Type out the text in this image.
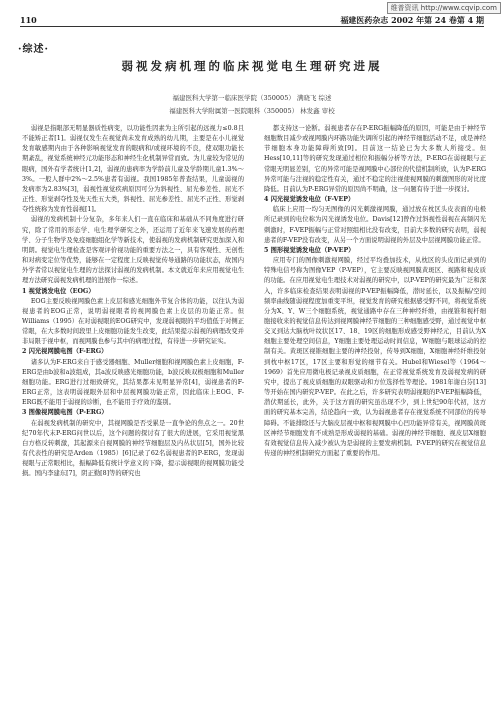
维普资讯 http://www.cqvip.com
110	福建医药杂志 2002 年第 24 卷第 4 期
·综述·
弱视发病机理的临床视觉电生理研究进展
福建医科大学第一临床医学院（350005） 满晓飞 综述
福建医科大学附属第一医院眼科（350005） 林发鑫 审校

弱视是指眼部无明显器质性病变，以功能性因素为主所引起的远视力≤0.8且不能矫正者[1]。弱视仅发生在视觉尚未发育成熟的幼儿期，主要是在小儿视觉发育敏感期内由于各种影响视觉发育的眼病和/或视环境的不良，使双眼功能长期紊乱，视觉系统神经元功能形态和神经生化机制异常而致。为儿童较为常见的眼病，国外有学者统计[1,2]，弱视的患病率为学龄前儿童及学龄期儿童1.3%～3%。一般人群中2%～2.5%患者有弱视。我国1985年普查结果，儿童弱视的发病率为2.83%[3]，弱视性视觉疾病原因可分为斜视性、屈光参差性、屈光不正性、形觉剥夺性及先天性五大类，斜视性、屈光参差性、屈光不正性、形觉剥夺性统称为发育性弱视[1]。

弱视的发病机制十分复杂，多年来人们一直在临床和基础从不同角度进行研究，除了常用的形态学、电生理学研究之外，还运用了近年来飞速发展的药理学、分子生物学及免疫细胞组化学等新技术，使弱视的发病机制研究更加深入和明朗。视觉电生理检查是客观评价视功能的重要方法之一，具有客观性、无创性和对病变定位等优势，能够在一定程度上反映视觉传导通路的功能状态，故国内外学者常以视觉电生理的方法探讨弱视的发病机制。本文就近年来应用视觉电生理方法研究弱视发病机理的进展作一综述。

1 视觉诱发电位（EOG）

EOG主要反映视网膜色素上皮层和感光细胞外节复合体的功能，以往认为弱视患者的EOG正常，说明弱视眼者的视网膜色素上皮层的功能正常。但Williams（1995）在对弱视眼的EOG研究中，发现弱视眼的平均值低于对侧正常眼，在大多数时间段里上皮细胞功能发生改变，此结果提示弱视的病理改变并非局限于视中枢，而视网膜也参与其中的病理过程，有待进一步研究证实。

2 闪光视网膜电图（F-ERG）

诸多认为F-ERG来自于感受器细胞、Muller细胞和视网膜色素上皮细胞，F-ERG是由b波和a波组成，其a波反映感光细胞功能，b波反映双极细胞和Muller细胞功能。ERG进行过细致研究，其结果都未见明显异常[4]，弱视患者的F-ERG正常，这表明弱视眼外层和中层视网膜功能正常，因此临床上EOG、F-ERG既不能用于弱视的诊断，也不能用于疗效的鉴别。

3 图像视网膜电图（P-ERG）

在弱视发病机制的研究中，其视网膜是否受累是一直争论的焦点之一。20世纪70年代末P-ERG问世以后，这个问题的探讨有了很大的进展，它采用视觉黑白方格反转刺激，其起源来自视网膜的神经节细胞层及内丛状层[5]，国外比较有代表性的研究是Arden（1985）[6]记录了62名弱视患者的P-ERG，发现弱视眼与正常眼相比，振幅降低有统计学意义的下降，提示弱视眼的视网膜功能受损。国内李建东[7]，阴正勤[8]等的研究也

都支持这一论断。弱视患者存在P-ERG振幅降低的原因，可能是由于神经节细胞数目减少或视网膜内环路功能失调所引起的神经节细胞活动不足，或是神经节细胞本身功能障碍所致[9]。目前这一结论已为大多数人所接受。但Hess[10,11]等的研究发现通过相位和振幅分析等方法，P-ERG在弱视眼与正常眼无明显差别，它的异常可能是视网膜中心部位的代偿机制所致，认为P-ERG异常可能与注视的稳定性有关，通过不稳定的注视使视网膜的刺激图形的对比度降低。目前认为P-ERG异常的原因尚不明确，这一问题有待于进一步探讨。

4 闪光视觉诱发电位（F-VEP）

临床上应用一均匀无图像的闪光刺激视网膜，通过放在枕区头皮表面的电极所记录到的电位称为闪光视诱发电位。Davis[12]曾作过斜视性弱视在高频闪光刺激时，F-VEP振幅与正常对照组相比没有改变，目前大多数的研究表明，弱视患者的F-VEP没有改变，从另一个方面说明弱视的外层及中层视网膜功能正常。

5 图形视觉诱发电位（P-VEP）

应用专门的图像刺激视网膜，经过平均叠加技术，从枕区的头皮面记录到的特殊电信号称为图像VEP（P-VEP），它主要反映视网膜黄斑区、视路和视皮质的功能。在应用视觉电生理技术对弱视的研究中，以P-VEP的研究最为广泛和深入，许多临床检查结果表明弱视的P-VEP振幅降低，潜时延长，以及振幅/空间频率曲线随弱视程度加重变平坦，视觉发育的研究根据感受野不同，将视觉系统分为X、Y、W三个细胞系统，视觉通路中存在三种神经纤维，由视锥和视杆细胞接收来的视觉信息传达到视网膜神经节细胞的三种细胞感受野，通过视觉中枢交叉到达大脑枕叶纹状区17、18、19区的细胞形成感受野神经元，目前认为X细胞主要处理空间信息，Y细胞主要处理运动时间信息，W细胞与眼球运动的控制有关。黄斑区视锥细胞主要的神经投射，传导到X细胞，X细胞神经纤维投射到枕中枢17区，17区主要和形觉的细节有关。Hubel和Wiesel等（1964～1969）首先应用微电极记录视皮质细胞，在正常视觉系统发育及弱视发病的研究中，提出了视皮质细胞的双眼驱动和方位选择性等理论。1981年谢白芬[13]等开始在国内研究P-VEP。在此之后，许多研究表明弱视眼的P-VEP振幅降低，潜伏期延长，此外，关于这方面的研究虽出现不少，到上世纪90年代初，这方面的研究基本完善，结论趋向一致，认为弱视患者存在视觉系统不同部位的传导障碍。不能排除还与大脑皮层视中枢和视网膜中心凹功能异常有关，视网膜黄斑区神经节细胞发育不成熟是形成弱视的基础。弱视的神经节细胞、视皮层X细胞有效视觉信息传入减少被认为是弱视的主要发病机制。P-VEP的研究在视觉信息传递的神经机制研究方面起了重要的作用。
